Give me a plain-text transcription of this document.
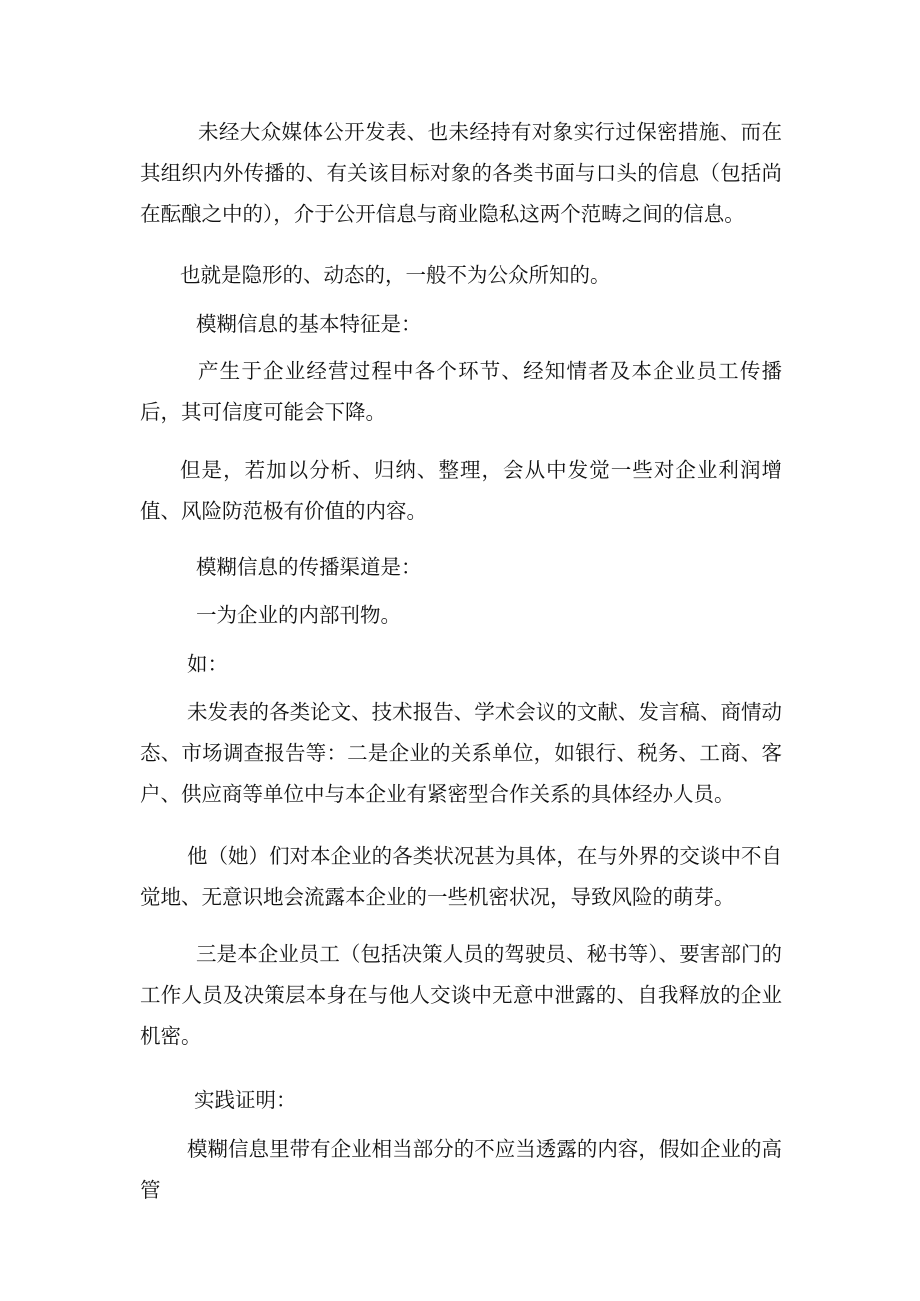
未经大众媒体公开发表、也未经持有对象实行过保密措施、而在其组织内外传播的、有关该目标对象的各类书面与口头的信息（包括尚在酝酿之中的），介于公开信息与商业隐私这两个范畴之间的信息。

也就是隐形的、动态的，一般不为公众所知的。

模糊信息的基本特征是：

产生于企业经营过程中各个环节、经知情者及本企业员工传播后，其可信度可能会下降。

但是，若加以分析、归纳、整理，会从中发觉一些对企业利润增值、风险防范极有价值的内容。

模糊信息的传播渠道是：

一为企业的内部刊物。

如：

未发表的各类论文、技术报告、学术会议的文献、发言稿、商情动态、市场调查报告等：二是企业的关系单位，如银行、税务、工商、客户、供应商等单位中与本企业有紧密型合作关系的具体经办人员。

他（她）们对本企业的各类状况甚为具体，在与外界的交谈中不自觉地、无意识地会流露本企业的一些机密状况，导致风险的萌芽。

三是本企业员工（包括决策人员的驾驶员、秘书等）、要害部门的工作人员及决策层本身在与他人交谈中无意中泄露的、自我释放的企业机密。

实践证明：

模糊信息里带有企业相当部分的不应当透露的内容，假如企业的高管
